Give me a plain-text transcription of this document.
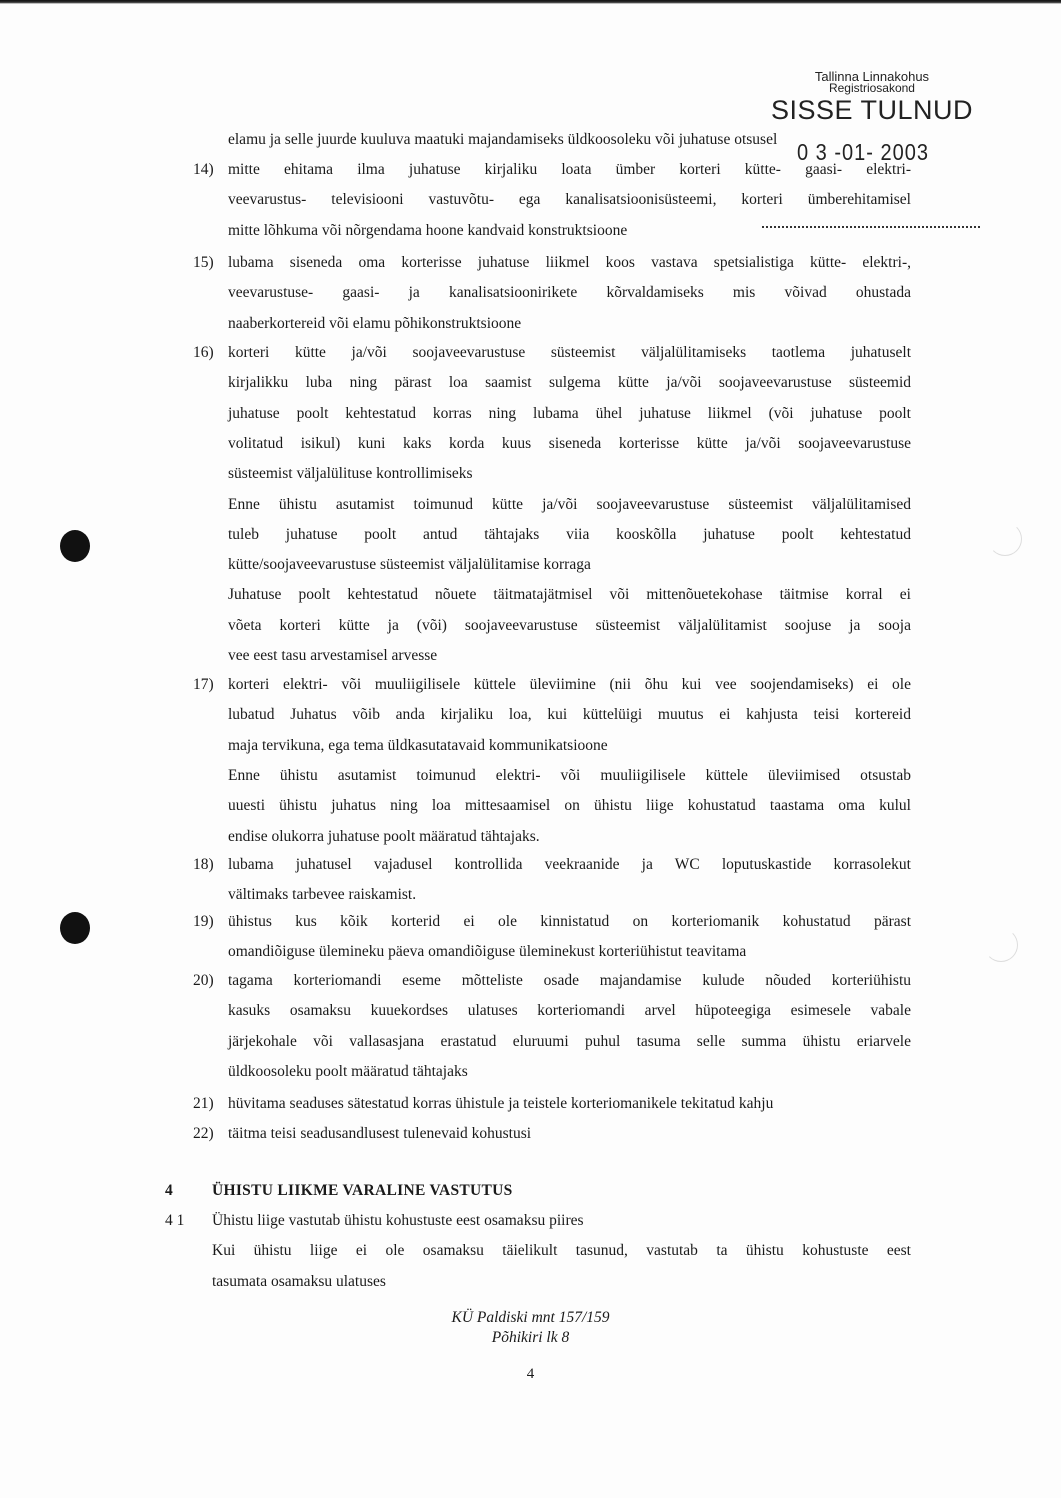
Tallinna Linnakohus
Registriosakond
SISSE TULNUD
0 3 -01- 2003
elamu ja selle juurde kuuluva maatuki majandamiseks üldkoosoleku või juhatuse otsusel
14) mitte ehitama ilma juhatuse kirjaliku loata ümber korteri kütte- gaasi- elektri-
veevarustus- televisiooni vastuvõtu- ega kanalisatsioonisüsteemi, korteri ümberehitamisel
mitte lõhkuma või nõrgendama hoone kandvaid konstruktsioone
15) lubama siseneda oma korterisse juhatuse liikmel koos vastava spetsialistiga kütte- elektri-,
veevarustuse- gaasi- ja kanalisatsioonirikete kõrvaldamiseks mis võivad ohustada
naaberkortereid või elamu põhikonstruktsioone
16) korteri kütte ja/või soojaveevarustuse süsteemist väljalülitamiseks taotlema juhatuselt
kirjalikku luba ning pärast loa saamist sulgema kütte ja/või soojaveevarustuse süsteemid
juhatuse poolt kehtestatud korras ning lubama ühel juhatuse liikmel (või juhatuse poolt
volitatud isikul) kuni kaks korda kuus siseneda korterisse kütte ja/või soojaveevarustuse
süsteemist väljalülituse kontrollimiseks
Enne ühistu asutamist toimunud kütte ja/või soojaveevarustuse süsteemist väljalülitamised
tuleb juhatuse poolt antud tähtajaks viia kooskõlla juhatuse poolt kehtestatud
kütte/soojaveevarustuse süsteemist väljalülitamise korraga
Juhatuse poolt kehtestatud nõuete täitmatajätmisel või mittenõuetekohase täitmise korral ei
võeta korteri kütte ja (või) soojaveevarustuse süsteemist väljalülitamist soojuse ja sooja
vee eest tasu arvestamisel arvesse
17) korteri elektri- või muuliigilisele küttele üleviimine (nii õhu kui vee soojendamiseks) ei ole
lubatud Juhatus võib anda kirjaliku loa, kui küttelüigi muutus ei kahjusta teisi kortereid
maja tervikuna, ega tema üldkasutatavaid kommunikatsioone
Enne ühistu asutamist toimunud elektri- või muuliigilisele küttele üleviimised otsustab
uuesti ühistu juhatus ning loa mittesaamisel on ühistu liige kohustatud taastama oma kulul
endise olukorra juhatuse poolt määratud tähtajaks.
18) lubama juhatusel vajadusel kontrollida veekraanide ja WC loputuskastide korrasolekut
vältimaks tarbevee raiskamist.
19) ühistus kus kõik korterid ei ole kinnistatud on korteriomanik kohustatud pärast
omandiõiguse ülemineku päeva omandiõiguse üleminekust korteriühistut teavitama
20) tagama korteriomandi eseme mõtteliste osade majandamise kulude nõuded korteriühistu
kasuks osamaksu kuuekordses ulatuses korteriomandi arvel hüpoteegiga esimesele vabale
järjekohale või vallasasjana erastatud eluruumi puhul tasuma selle summa ühistu eriarvele
üldkoosoleku poolt määratud tähtajaks
21) hüvitama seaduses sätestatud korras ühistule ja teistele korteriomanikele tekitatud kahju
22) täitma teisi seadusandlusest tulenevaid kohustusi
4	ÜHISTU LIIKME VARALINE VASTUTUS
4 1 Ühistu liige vastutab ühistu kohustuste eest osamaksu piires
Kui ühistu liige ei ole osamaksu täielikult tasunud, vastutab ta ühistu kohustuste eest
tasumata osamaksu ulatuses
KÜ Paldiski mnt 157/159
Põhikiri lk 8
4
